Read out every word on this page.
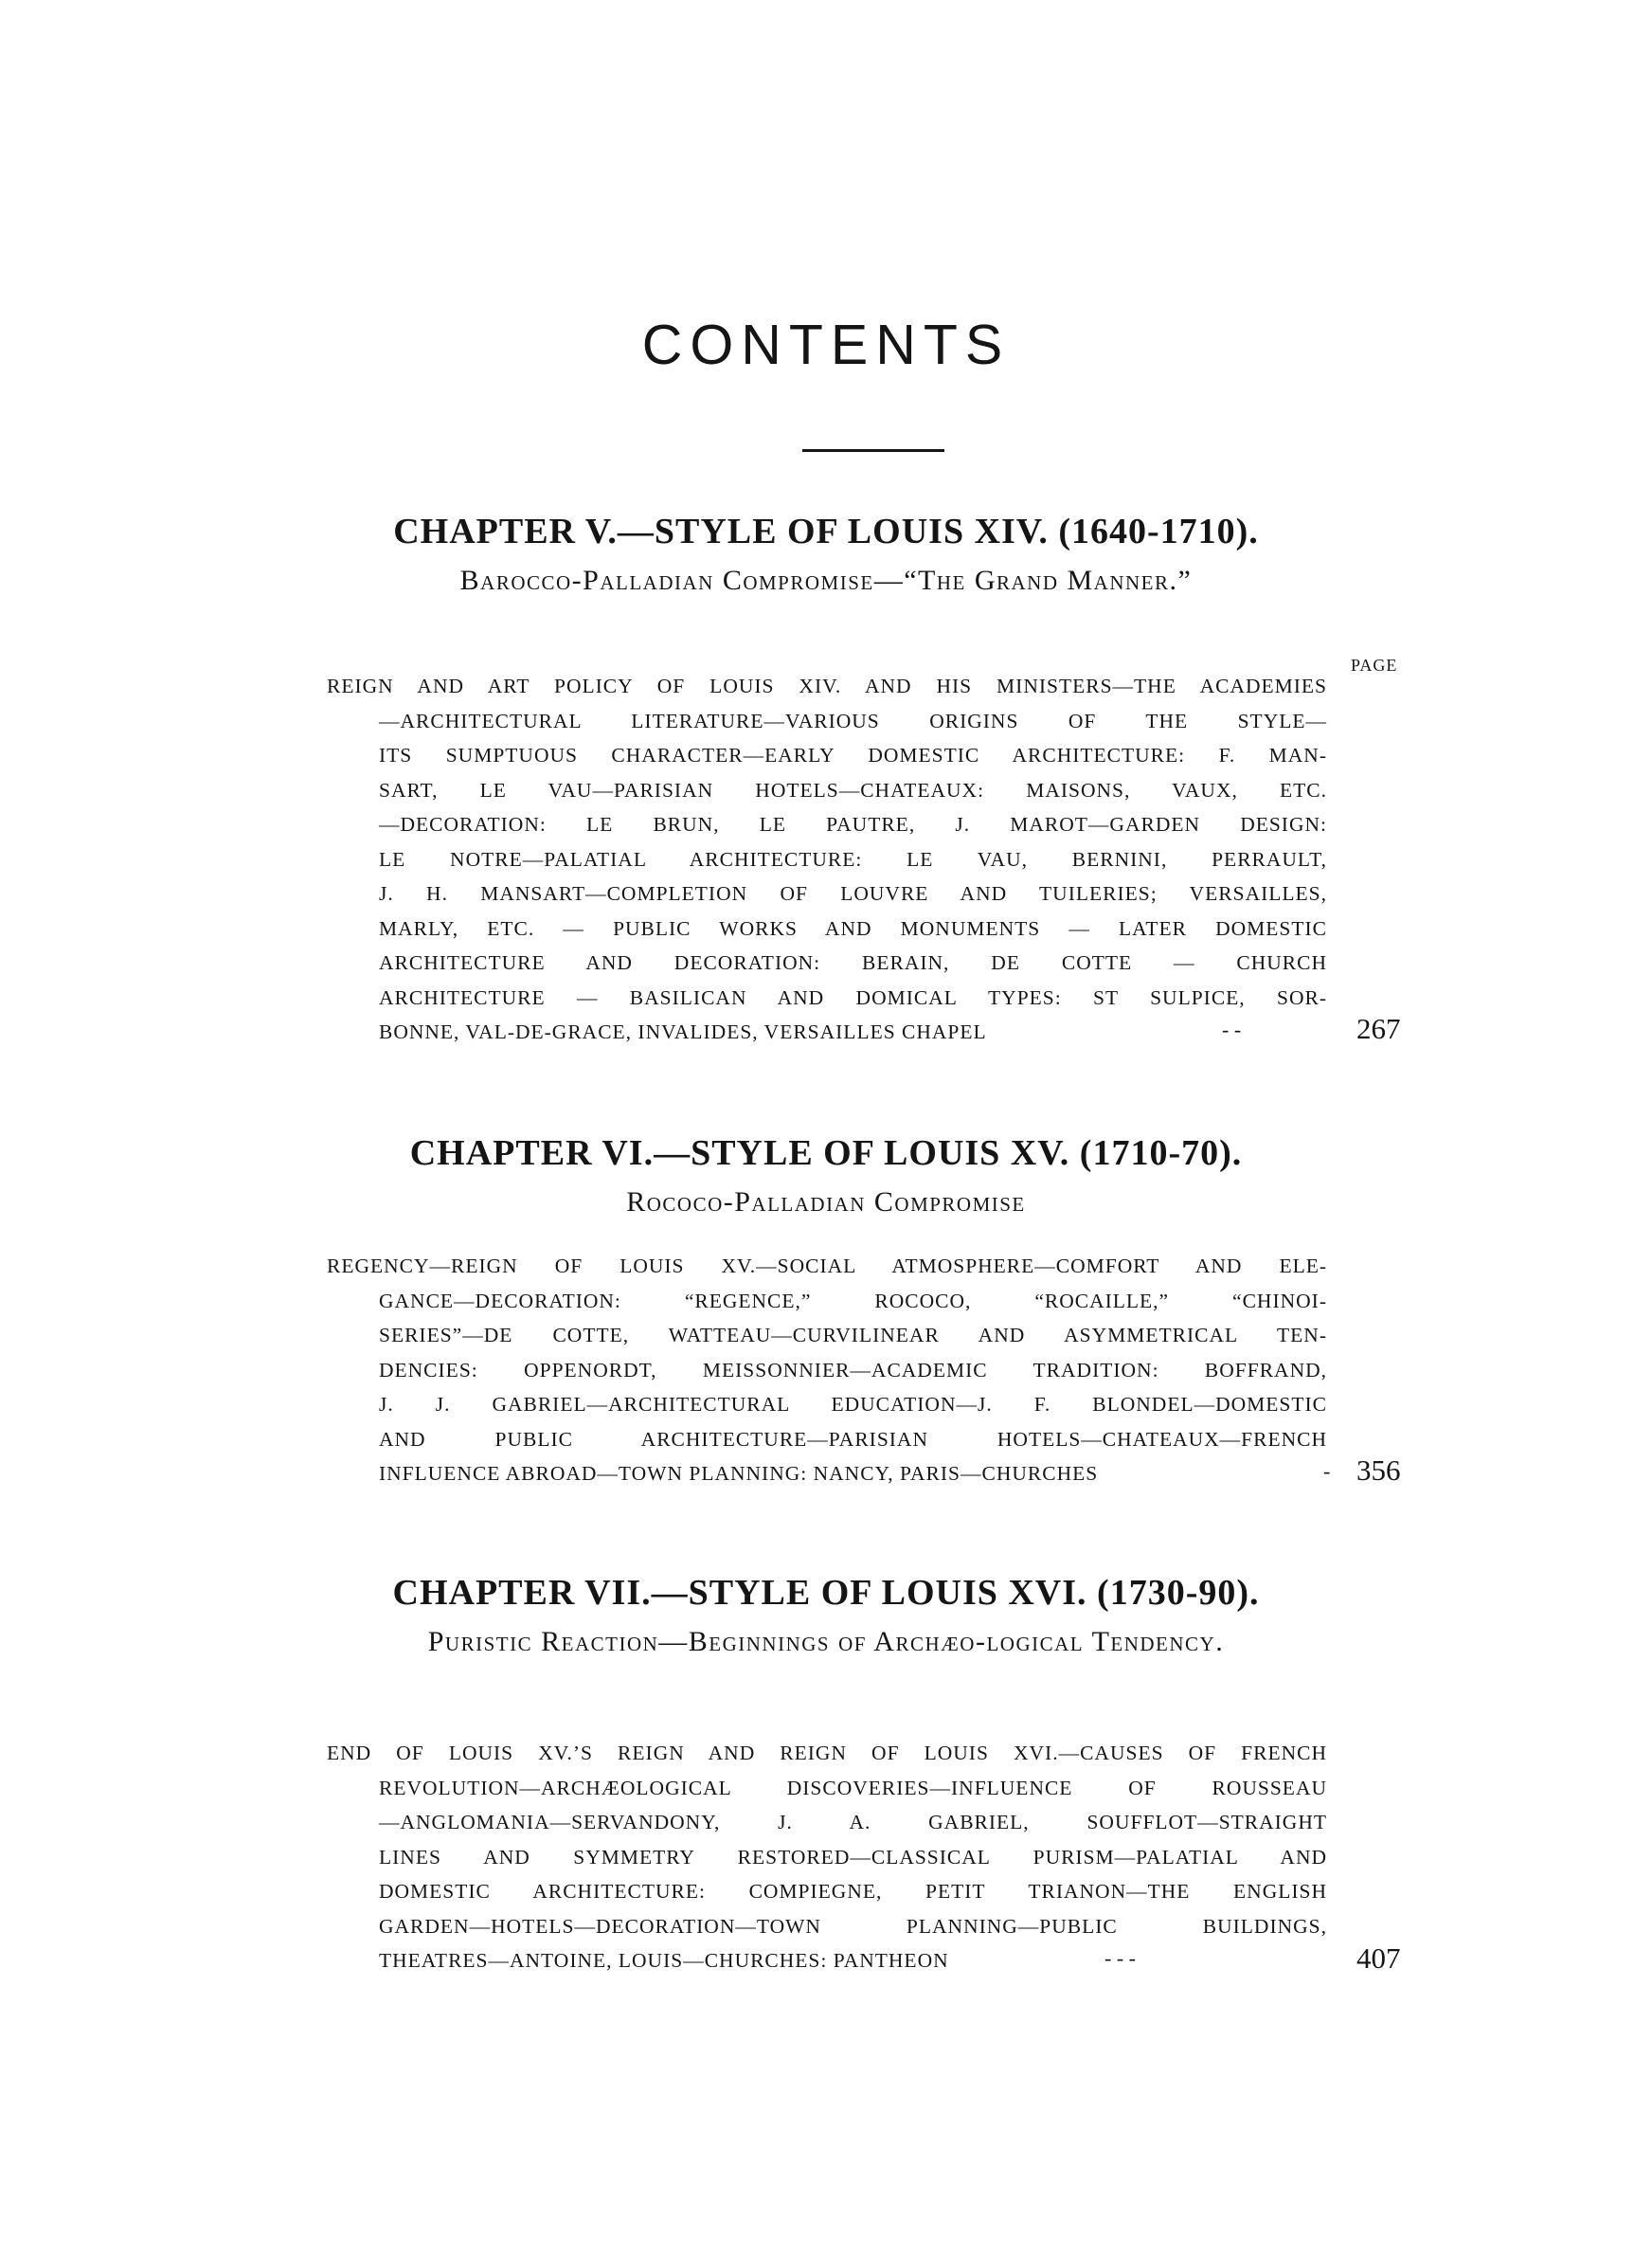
CONTENTS
CHAPTER V.—STYLE OF LOUIS XIV. (1640-1710).
Barocco-Palladian Compromise—“The Grand Manner.”
PAGE
REIGN AND ART POLICY OF LOUIS XIV. AND HIS MINISTERS—THE ACADEMIES
—ARCHITECTURAL LITERATURE—VARIOUS ORIGINS OF THE STYLE—
ITS SUMPTUOUS CHARACTER—EARLY DOMESTIC ARCHITECTURE: F. MAN-
SART, LE VAU—PARISIAN HOTELS—CHATEAUX: MAISONS, VAUX, ETC.
—DECORATION: LE BRUN, LE PAUTRE, J. MAROT—GARDEN DESIGN:
LE NOTRE—PALATIAL ARCHITECTURE: LE VAU, BERNINI, PERRAULT,
J. H. MANSART—COMPLETION OF LOUVRE AND TUILERIES; VERSAILLES,
MARLY, ETC. — PUBLIC WORKS AND MONUMENTS — LATER DOMESTIC
ARCHITECTURE AND DECORATION: BERAIN, DE COTTE — CHURCH
ARCHITECTURE — BASILICAN AND DOMICAL TYPES: ST SULPICE, SOR-
BONNE, VAL-DE-GRACE, INVALIDES, VERSAILLES CHAPEL	- -	267
CHAPTER VI.—STYLE OF LOUIS XV. (1710-70).
Rococo-Palladian Compromise
REGENCY—REIGN OF LOUIS XV.—SOCIAL ATMOSPHERE—COMFORT AND ELE-
GANCE—DECORATION: “REGENCE,” ROCOCO, “ROCAILLE,” “CHINOI-
SERIES”—DE COTTE, WATTEAU—CURVILINEAR AND ASYMMETRICAL TEN-
DENCIES: OPPENORDT, MEISSONNIER—ACADEMIC TRADITION: BOFFRAND,
J. J. GABRIEL—ARCHITECTURAL EDUCATION—J. F. BLONDEL—DOMESTIC
AND PUBLIC ARCHITECTURE—PARISIAN HOTELS—CHATEAUX—FRENCH
INFLUENCE ABROAD—TOWN PLANNING: NANCY, PARIS—CHURCHES	- 356
CHAPTER VII.—STYLE OF LOUIS XVI. (1730-90).
Puristic Reaction—Beginnings of Archæo-logical Tendency.
END OF LOUIS XV.’S REIGN AND REIGN OF LOUIS XVI.—CAUSES OF FRENCH
REVOLUTION—ARCHÆOLOGICAL DISCOVERIES—INFLUENCE OF ROUSSEAU
—ANGLOMANIA—SERVANDONY, J. A. GABRIEL, SOUFFLOT—STRAIGHT
LINES AND SYMMETRY RESTORED—CLASSICAL PURISM—PALATIAL AND
DOMESTIC ARCHITECTURE: COMPIEGNE, PETIT TRIANON—THE ENGLISH
GARDEN—HOTELS—DECORATION—TOWN PLANNING—PUBLIC BUILDINGS,
THEATRES—ANTOINE, LOUIS—CHURCHES: PANTHEON	- - -	407
